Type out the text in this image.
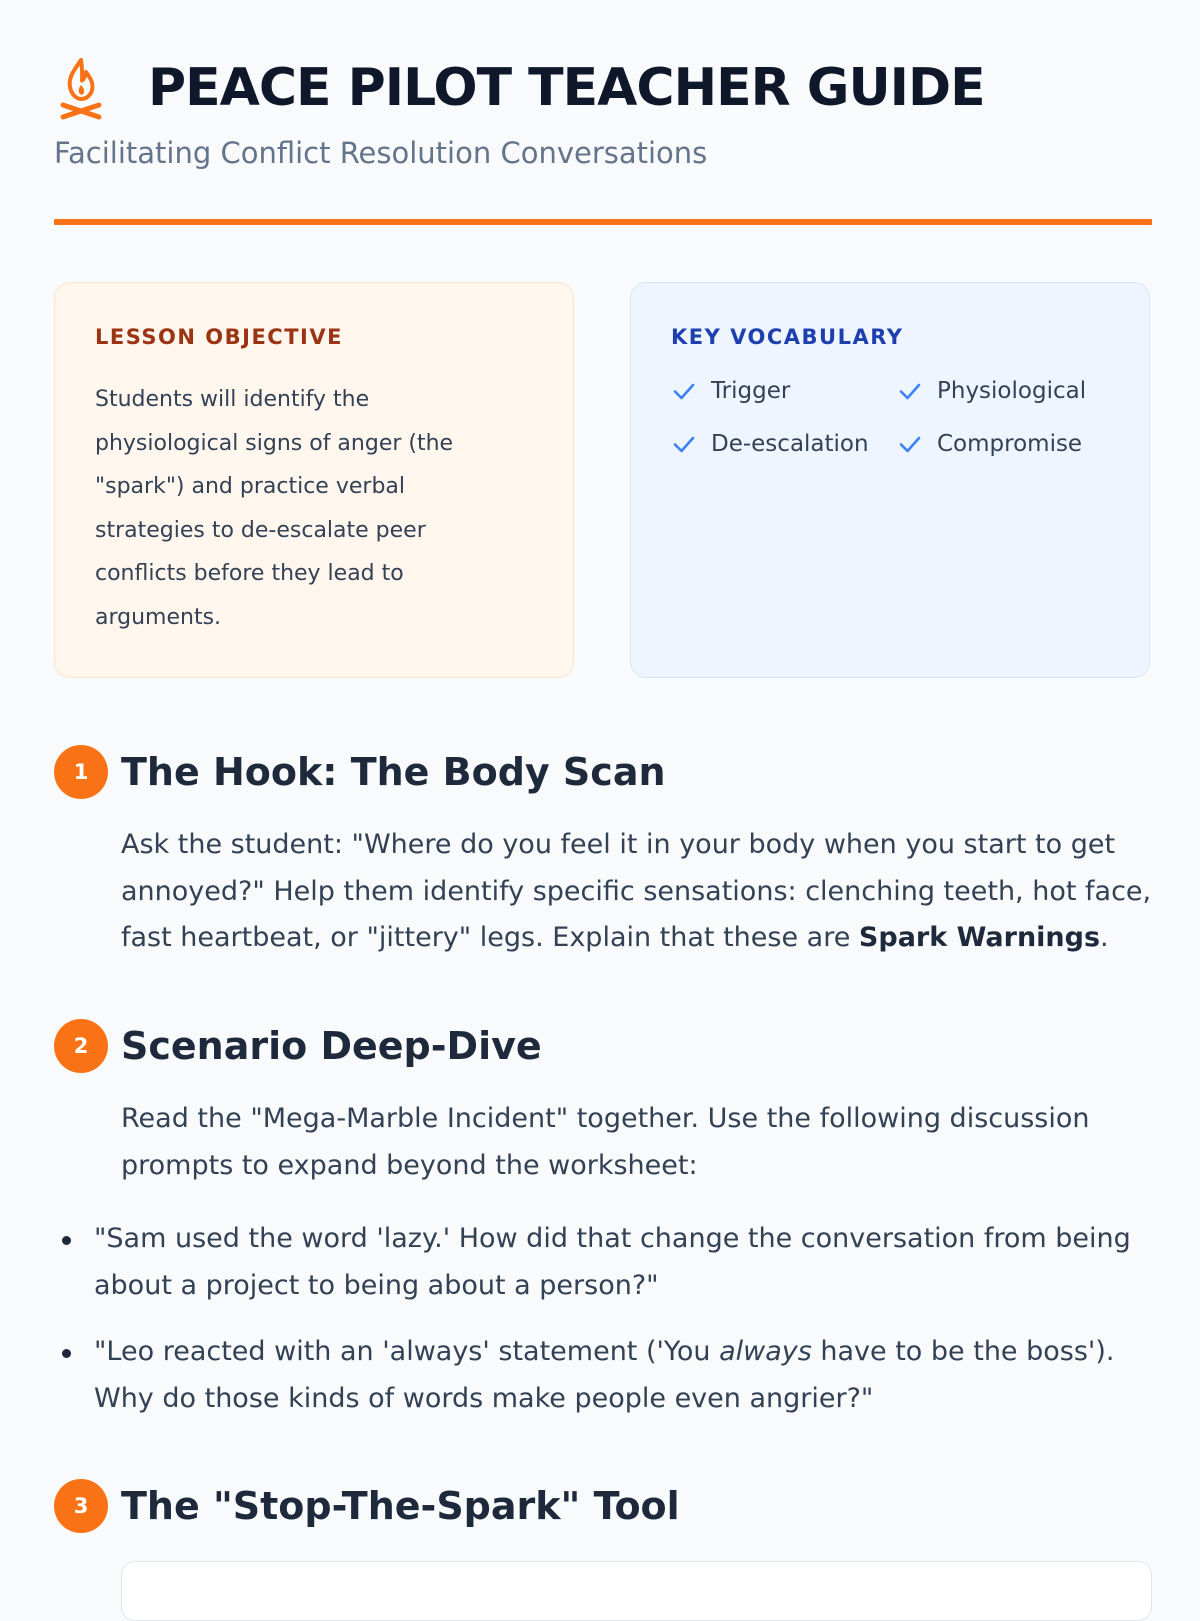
PEACE PILOT TEACHER GUIDE
Facilitating Conflict Resolution Conversations
LESSON OBJECTIVE

Students will identify the physiological signs of anger (the "spark") and practice verbal strategies to de-escalate peer conflicts before they lead to arguments.

KEY VOCABULARY
Trigger	Physiological
De-escalation	Compromise
1 The Hook: The Body Scan

Ask the student: "Where do you feel it in your body when you start to get annoyed?" Help them identify specific sensations: clenching teeth, hot face, fast heartbeat, or "jittery" legs. Explain that these are Spark Warnings.

2 Scenario Deep-Dive

Read the "Mega-Marble Incident" together. Use the following discussion prompts to expand beyond the worksheet:

"Sam used the word 'lazy.' How did that change the conversation from being about a project to being about a person?"
"Leo reacted with an 'always' statement ('You always have to be the boss'). Why do those kinds of words make people even angrier?"
3 The "Stop-The-Spark" Tool
